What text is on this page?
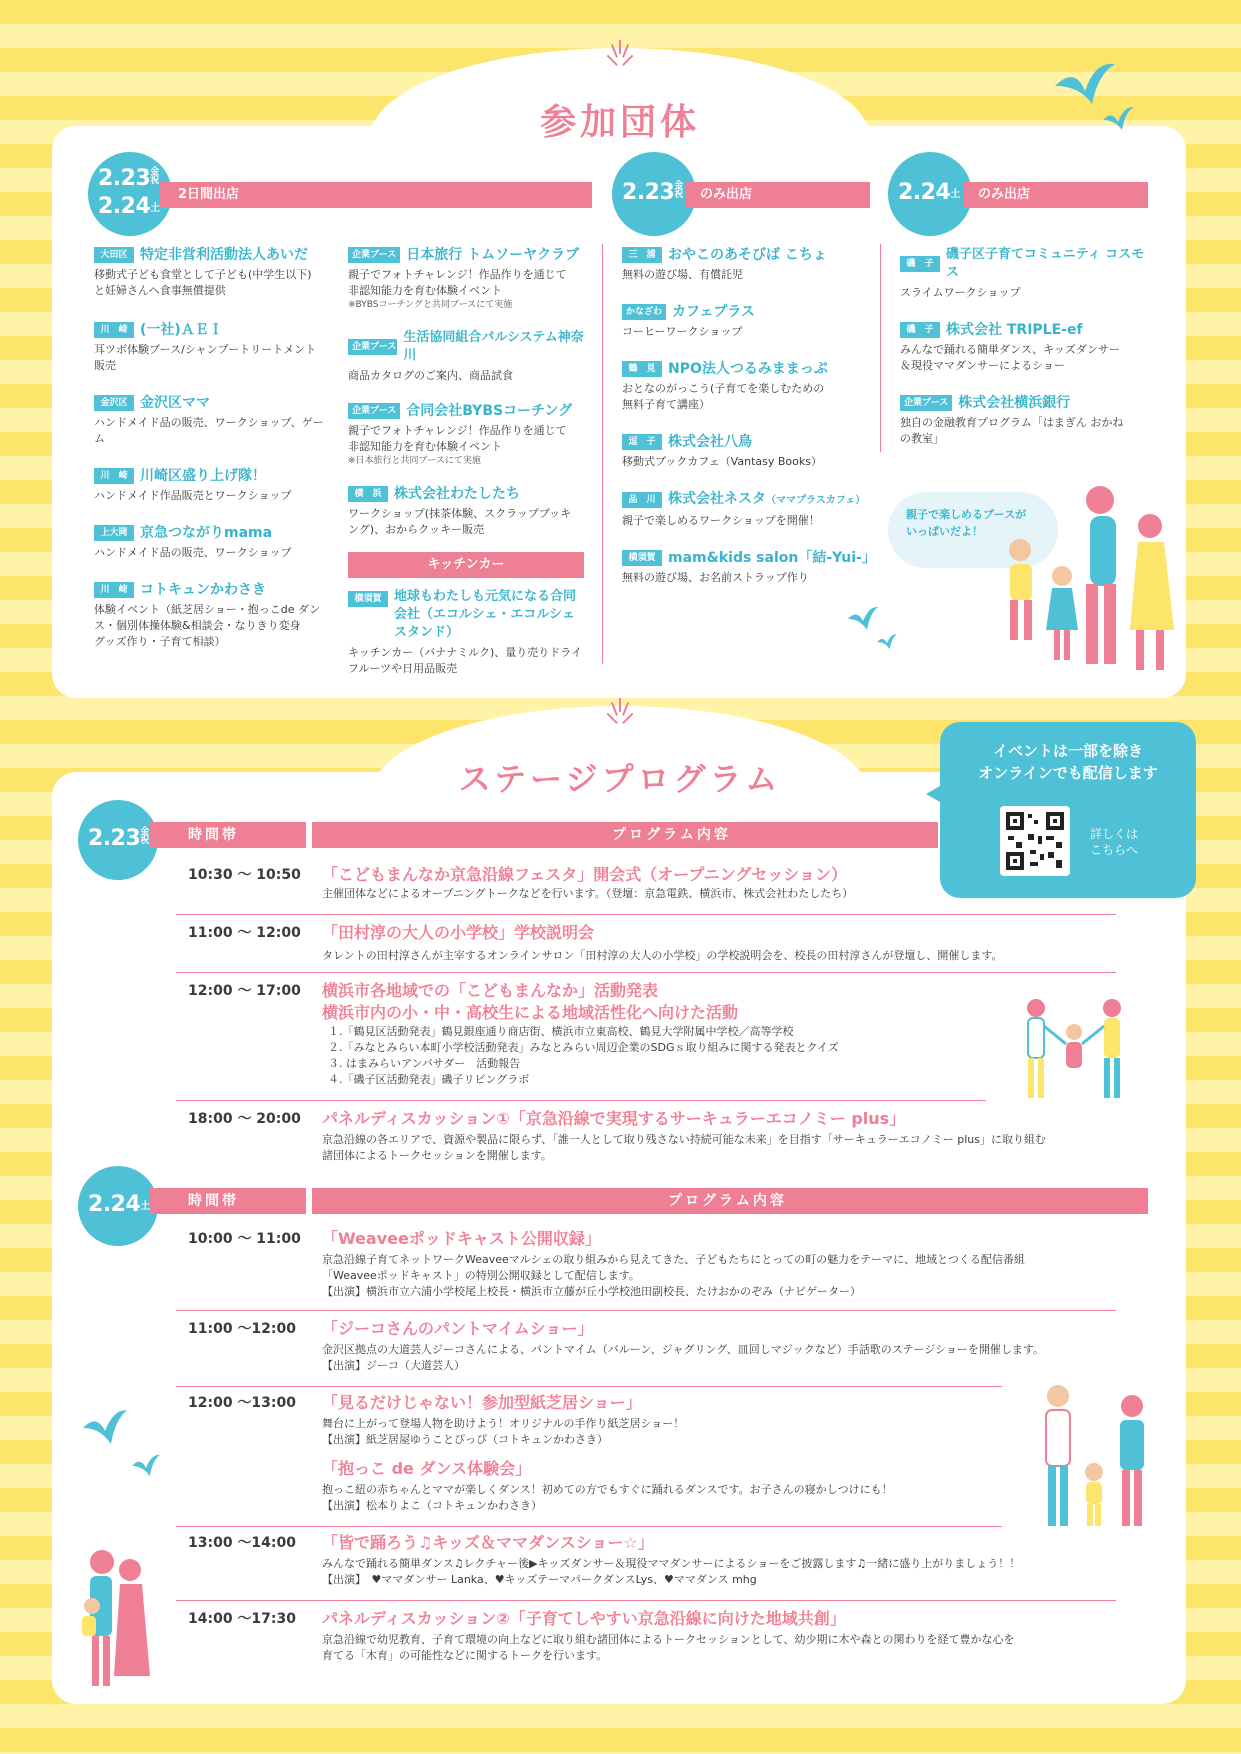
参加団体
2.23金祝
2.24土
2日間出店	2.23金祝	のみ出店	2.24土	のみ出店
大田区 特定非営利活動法人あいだ
移動式子ども食堂として子ども(中学生以下)
と妊婦さんへ食事無償提供
川　崎 (一社)ＡＥＩ
耳ツボ体験ブース/シャンプートリートメント
販売
金沢区 金沢区ママ
ハンドメイド品の販売、ワークショップ、ゲーム
川　崎 川崎区盛り上げ隊！
ハンドメイド作品販売とワークショップ
上大岡 京急つながりmama
ハンドメイド品の販売、ワークショップ
川　崎 コトキュンかわさき
体験イベント（紙芝居ショー・抱っこde ダン
ス・個別体操体験&相談会・なりきり変身
グッズ作り・子育て相談）
企業ブース 日本旅行 トムソーヤクラブ
親子でフォトチャレンジ！作品作りを通じて
非認知能力を育む体験イベント
※BYBSコーチングと共同ブースにて実施
企業ブース
生活協同組合パルシステム神奈川
商品カタログのご案内、商品試食
企業ブース 合同会社BYBSコーチング
親子でフォトチャレンジ！作品作りを通じて
非認知能力を育む体験イベント
※日本旅行と共同ブースにて実施
横　浜 株式会社わたしたち
ワークショップ(抹茶体験、スクラップブッキ
ング)、おからクッキー販売
キッチンカー
横須賀 地球もわたしも元気になる合同会社（エコルシェ・エコルシェスタンド）
キッチンカー（バナナミルク)、量り売りドライ
フルーツや日用品販売
三　浦 おやこのあそびば こちょ
無料の遊び場、有償託児
かなざわ カフェプラス
コーヒーワークショップ
鶴　見 NPO法人つるみままっぷ
おとなのがっこう(子育てを楽しむための
無料子育て講座）
逗　子 株式会社八鳥
移動式ブックカフェ（Vantasy Books）
品　川 株式会社ネスタ（ママプラスカフェ）
親子で楽しめるワークショップを開催！
横須賀 mam&kids salon「結-Yui-」
無料の遊び場、お名前ストラップ作り
磯　子
磯子区子育てコミュニティ コスモス
スライムワークショップ
磯　子 株式会社 TRIPLE-ef
みんなで踊れる簡単ダンス、キッズダンサー
＆現役ママダンサーによるショー
企業ブース 株式会社横浜銀行
独自の金融教育プログラム「はまぎん おかね
の教室」
親子で楽しめるブースが
いっぱいだよ！
ステージプログラム
イベントは一部を除き
オンラインでも配信します
詳しくは
こちらへ
2.23金祝	時間帯	プログラム内容
10:30 ～ 10:50 「こどもまんなか京急沿線フェスタ」開会式（オープニングセッション）
主催団体などによるオープニングトークなどを行います。（登壇：京急電鉄、横浜市、株式会社わたしたち）
11:00 ～ 12:00 「田村淳の大人の小学校」学校説明会
タレントの田村淳さんが主宰するオンラインサロン「田村淳の大人の小学校」の学校説明会を、校長の田村淳さんが登壇し、開催します。
12:00 ～ 17:00 横浜市各地域での「こどもまんなか」活動発表
横浜市内の小・中・高校生による地域活性化へ向けた活動
１.「鶴見区活動発表」鶴見銀座通り商店街、横浜市立東高校、鶴見大学附属中学校／高等学校
２.「みなとみらい本町小学校活動発表」みなとみらい周辺企業のSDGｓ取り組みに関する発表とクイズ
３. はまみらいアンバサダー　活動報告
４.「磯子区活動発表」磯子リビングラボ
18:00 ～ 20:00 パネルディスカッション①「京急沿線で実現するサーキュラーエコノミー plus」
京急沿線の各エリアで、資源や製品に限らず、「誰一人として取り残さない持続可能な未来」を目指す「サーキュラーエコノミー plus」に取り組む
諸団体によるトークセッションを開催します。
2.24土	時間帯	プログラム内容
10:00 ～ 11:00 「Weaveeポッドキャスト公開収録」
京急沿線子育てネットワークWeaveeマルシェの取り組みから見えてきた、子どもたちにとっての町の魅力をテーマに、地域とつくる配信番組
「Weaveeポッドキャスト」の特別公開収録として配信します。
【出演】横浜市立六浦小学校尾上校長・横浜市立藤が丘小学校池田副校長、たけおかのぞみ（ナビゲーター）
11:00 ～12:00 「ジーコさんのパントマイムショー」
金沢区拠点の大道芸人ジーコさんによる、パントマイム（バルーン、ジャグリング、皿回しマジックなど）手話歌のステージショーを開催します。
【出演】ジーコ（大道芸人）
12:00 ～13:00 「見るだけじゃない！参加型紙芝居ショー」
舞台に上がって登場人物を助けよう！オリジナルの手作り紙芝居ショー！
【出演】紙芝居屋ゆうことぴっぴ（コトキュンかわさき）
「抱っこ de ダンス体験会」
抱っこ紐の赤ちゃんとママが楽しくダンス！初めての方でもすぐに踊れるダンスです。お子さんの寝かしつけにも！
【出演】松本りよこ（コトキュンかわさき）
13:00 ～14:00 「皆で踊ろう♫キッズ＆ママダンスショー☆」
みんなで踊れる簡単ダンス♫レクチャー後▶キッズダンサー＆現役ママダンサーによるショーをご披露します♫一緒に盛り上がりましょう！！
【出演】　♥ママダンサー Lanka、♥キッズテーマパークダンスLys、♥ママダンス mhg
14:00 ～17:30 パネルディスカッション②「子育てしやすい京急沿線に向けた地域共創」
京急沿線で幼児教育、子育て環境の向上などに取り組む諸団体によるトークセッションとして、幼少期に木や森との関わりを経て豊かな心を
育てる「木育」の可能性などに関するトークを行います。
